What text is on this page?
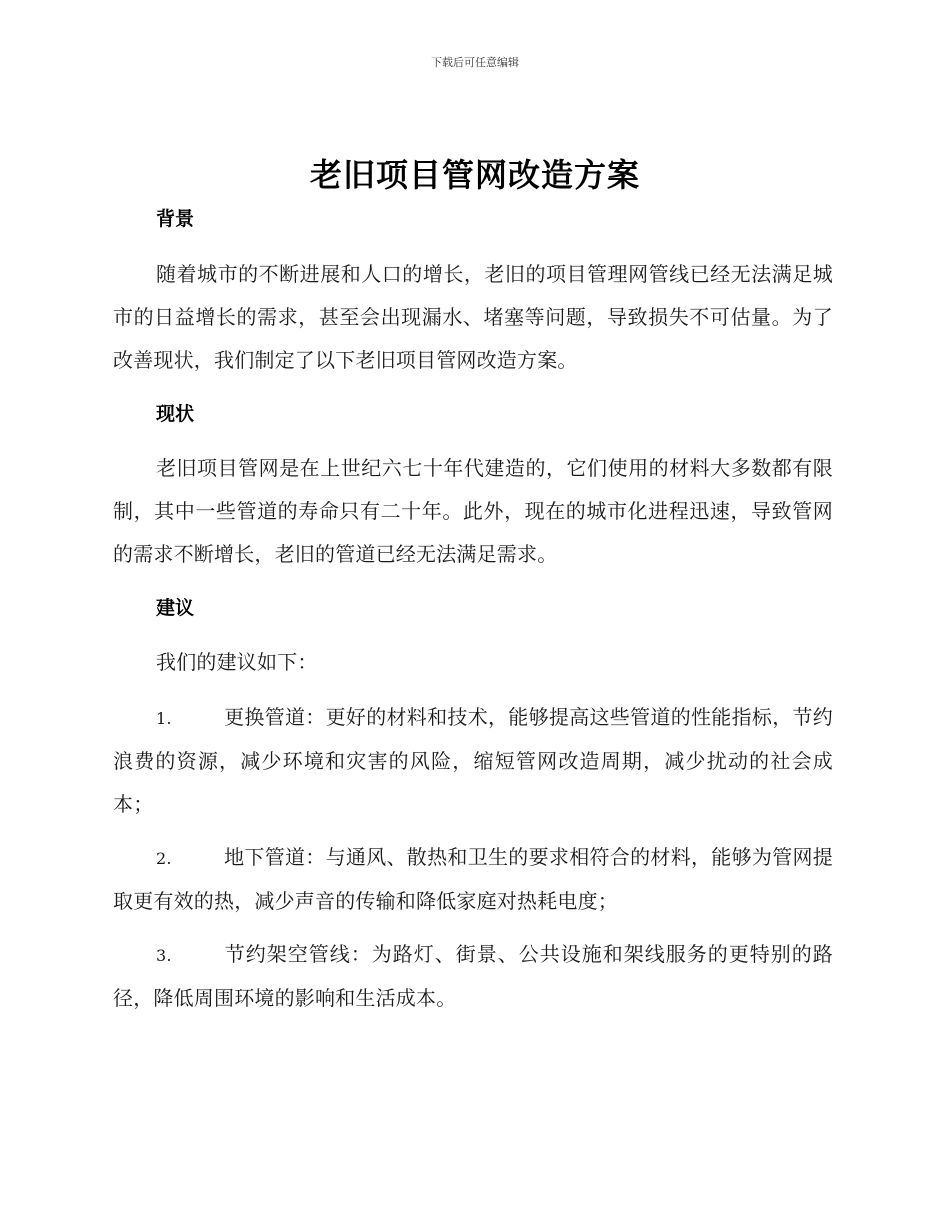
下载后可任意编辑
老旧项目管网改造方案
背景
随着城市的不断进展和人口的增长，老旧的项目管理网管线已经无法满足城市的日益增长的需求，甚至会出现漏水、堵塞等问题，导致损失不可估量。为了改善现状，我们制定了以下老旧项目管网改造方案。
现状
老旧项目管网是在上世纪六七十年代建造的，它们使用的材料大多数都有限制，其中一些管道的寿命只有二十年。此外，现在的城市化进程迅速，导致管网的需求不断增长，老旧的管道已经无法满足需求。
建议
我们的建议如下：
1.	更换管道：更好的材料和技术，能够提高这些管道的性能指标，节约浪费的资源，减少环境和灾害的风险，缩短管网改造周期，减少扰动的社会成本；
2.	地下管道：与通风、散热和卫生的要求相符合的材料，能够为管网提取更有效的热，减少声音的传输和降低家庭对热耗电度；
3.	节约架空管线：为路灯、街景、公共设施和架线服务的更特别的路径，降低周围环境的影响和生活成本。
